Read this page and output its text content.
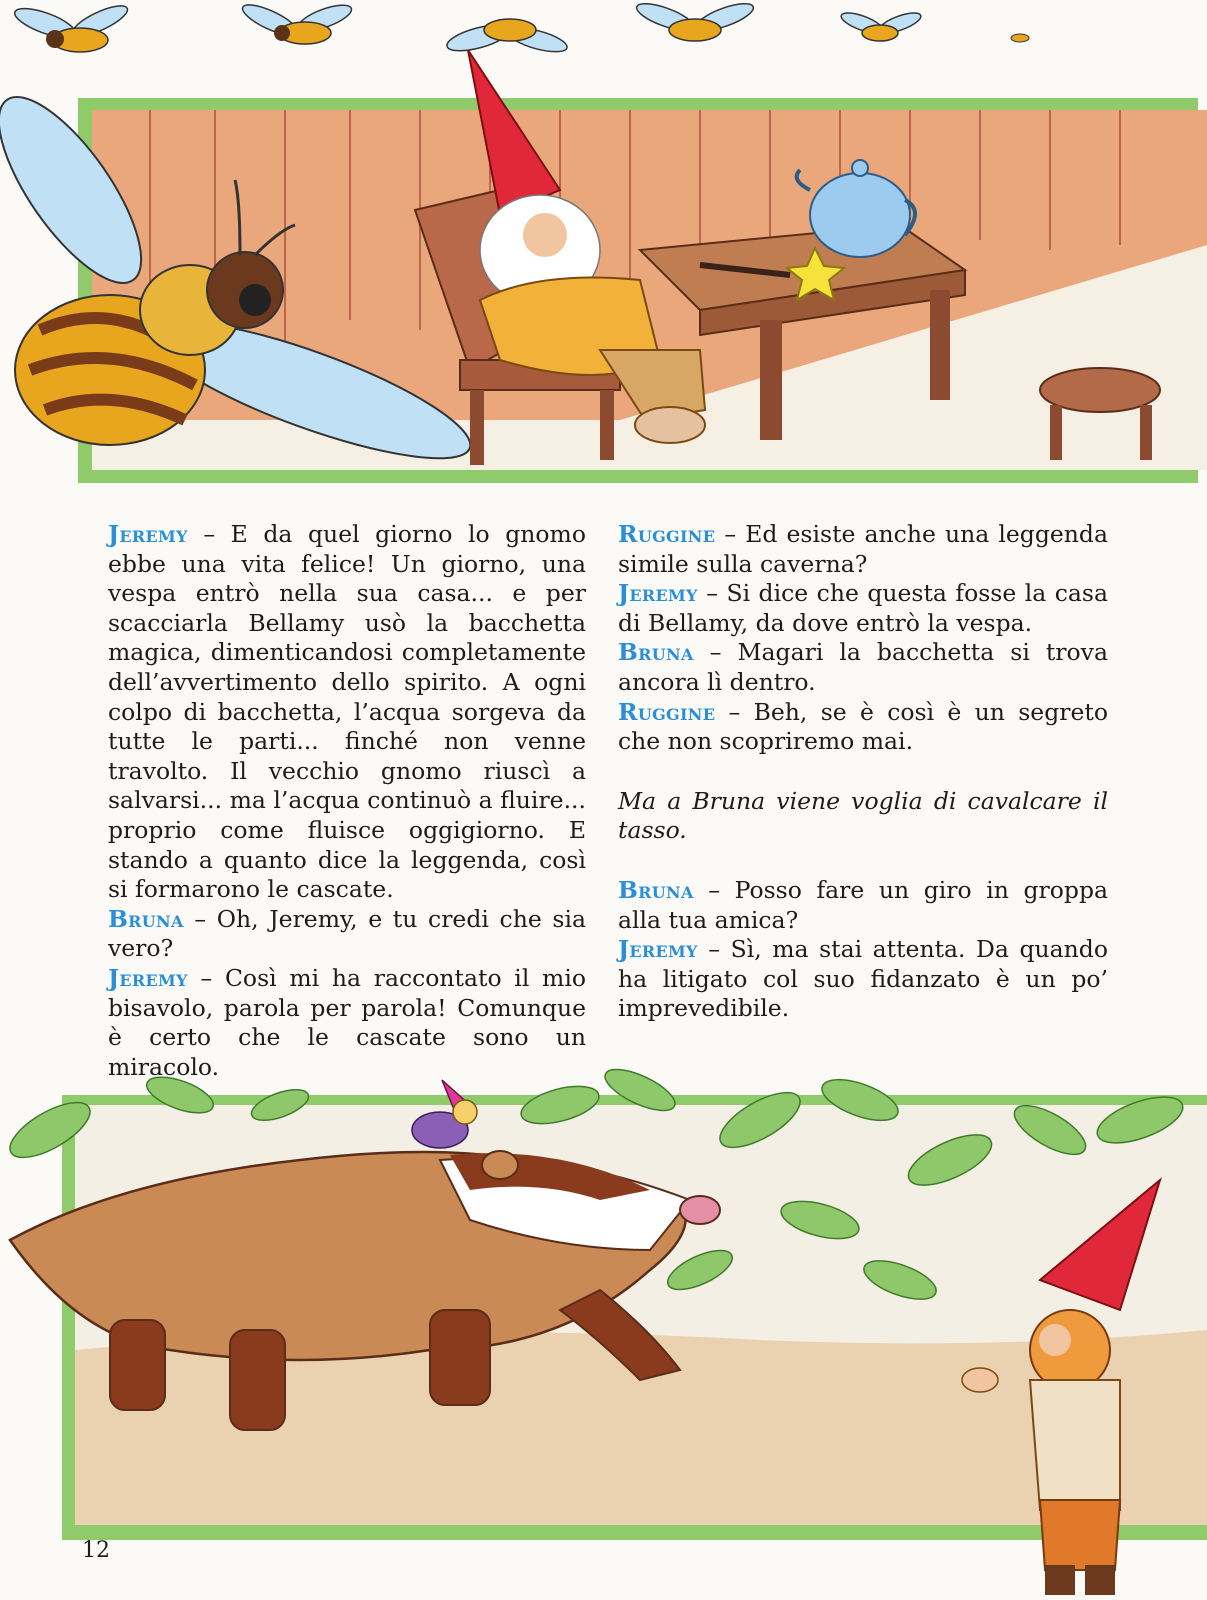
Jeremy – E da quel giorno lo gnomo ebbe una vita felice! Un giorno, una vespa entrò nella sua casa... e per scacciarla Bellamy usò la bacchetta magica, dimenticandosi completamente dell’avvertimento dello spirito. A ogni colpo di bacchetta, l’acqua sorgeva da tutte le parti... finché non venne travolto. Il vecchio gnomo riuscì a salvarsi... ma l’acqua continuò a fluire... proprio come fluisce oggigiorno. E stando a quanto dice la leggenda, così si formarono le cascate.

Bruna – Oh, Jeremy, e tu credi che sia vero?

Jeremy – Così mi ha raccontato il mio bisavolo, parola per parola! Comunque è certo che le cascate sono un miracolo.

Ruggine – Ed esiste anche una leggenda simile sulla caverna?

Jeremy – Si dice che questa fosse la casa di Bellamy, da dove entrò la vespa.

Bruna – Magari la bacchetta si trova ancora lì dentro.

Ruggine – Beh, se è così è un segreto che non scopriremo mai.

Ma a Bruna viene voglia di cavalcare il tasso.

Bruna – Posso fare un giro in groppa alla tua amica?

Jeremy – Sì, ma stai attenta. Da quando ha litigato col suo fidanzato è un po’ imprevedibile.

12
